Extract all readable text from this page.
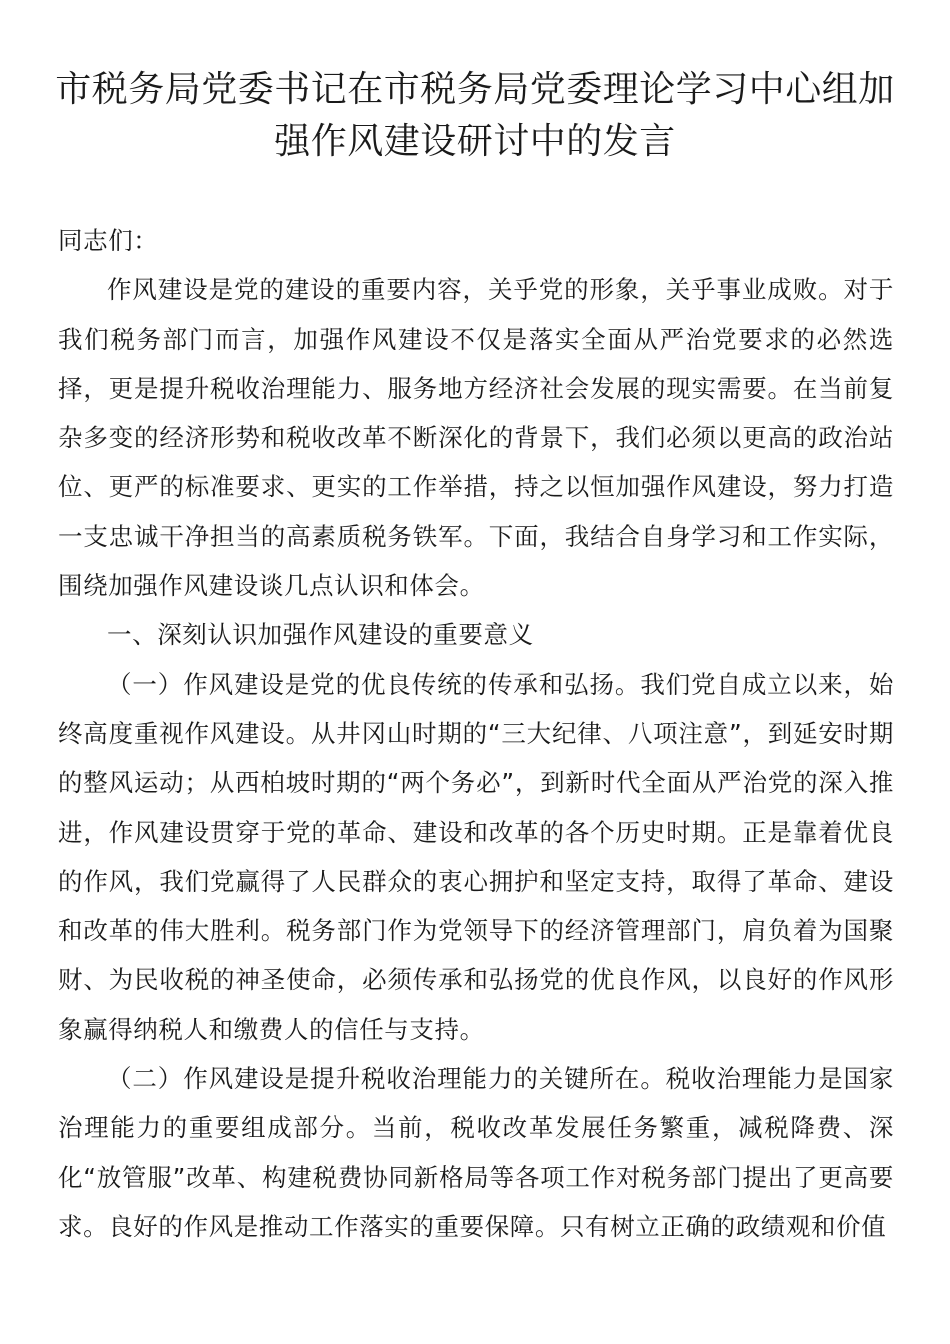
市税务局党委书记在市税务局党委理论学习中心组加强作风建设研讨中的发言

同志们：

作风建设是党的建设的重要内容，关乎党的形象，关乎事业成败。对于我们税务部门而言，加强作风建设不仅是落实全面从严治党要求的必然选择，更是提升税收治理能力、服务地方经济社会发展的现实需要。在当前复杂多变的经济形势和税收改革不断深化的背景下，我们必须以更高的政治站位、更严的标准要求、更实的工作举措，持之以恒加强作风建设，努力打造一支忠诚干净担当的高素质税务铁军。下面，我结合自身学习和工作实际，围绕加强作风建设谈几点认识和体会。

一、深刻认识加强作风建设的重要意义

（一）作风建设是党的优良传统的传承和弘扬。我们党自成立以来，始终高度重视作风建设。从井冈山时期的“三大纪律、八项注意”，到延安时期的整风运动；从西柏坡时期的“两个务必”，到新时代全面从严治党的深入推进，作风建设贯穿于党的革命、建设和改革的各个历史时期。正是靠着优良的作风，我们党赢得了人民群众的衷心拥护和坚定支持，取得了革命、建设和改革的伟大胜利。税务部门作为党领导下的经济管理部门，肩负着为国聚财、为民收税的神圣使命，必须传承和弘扬党的优良作风，以良好的作风形象赢得纳税人和缴费人的信任与支持。

（二）作风建设是提升税收治理能力的关键所在。税收治理能力是国家治理能力的重要组成部分。当前，税收改革发展任务繁重，减税降费、深化“放管服”改革、构建税费协同新格局等各项工作对税务部门提出了更高要求。良好的作风是推动工作落实的重要保障。只有树立正确的政绩观和价值
